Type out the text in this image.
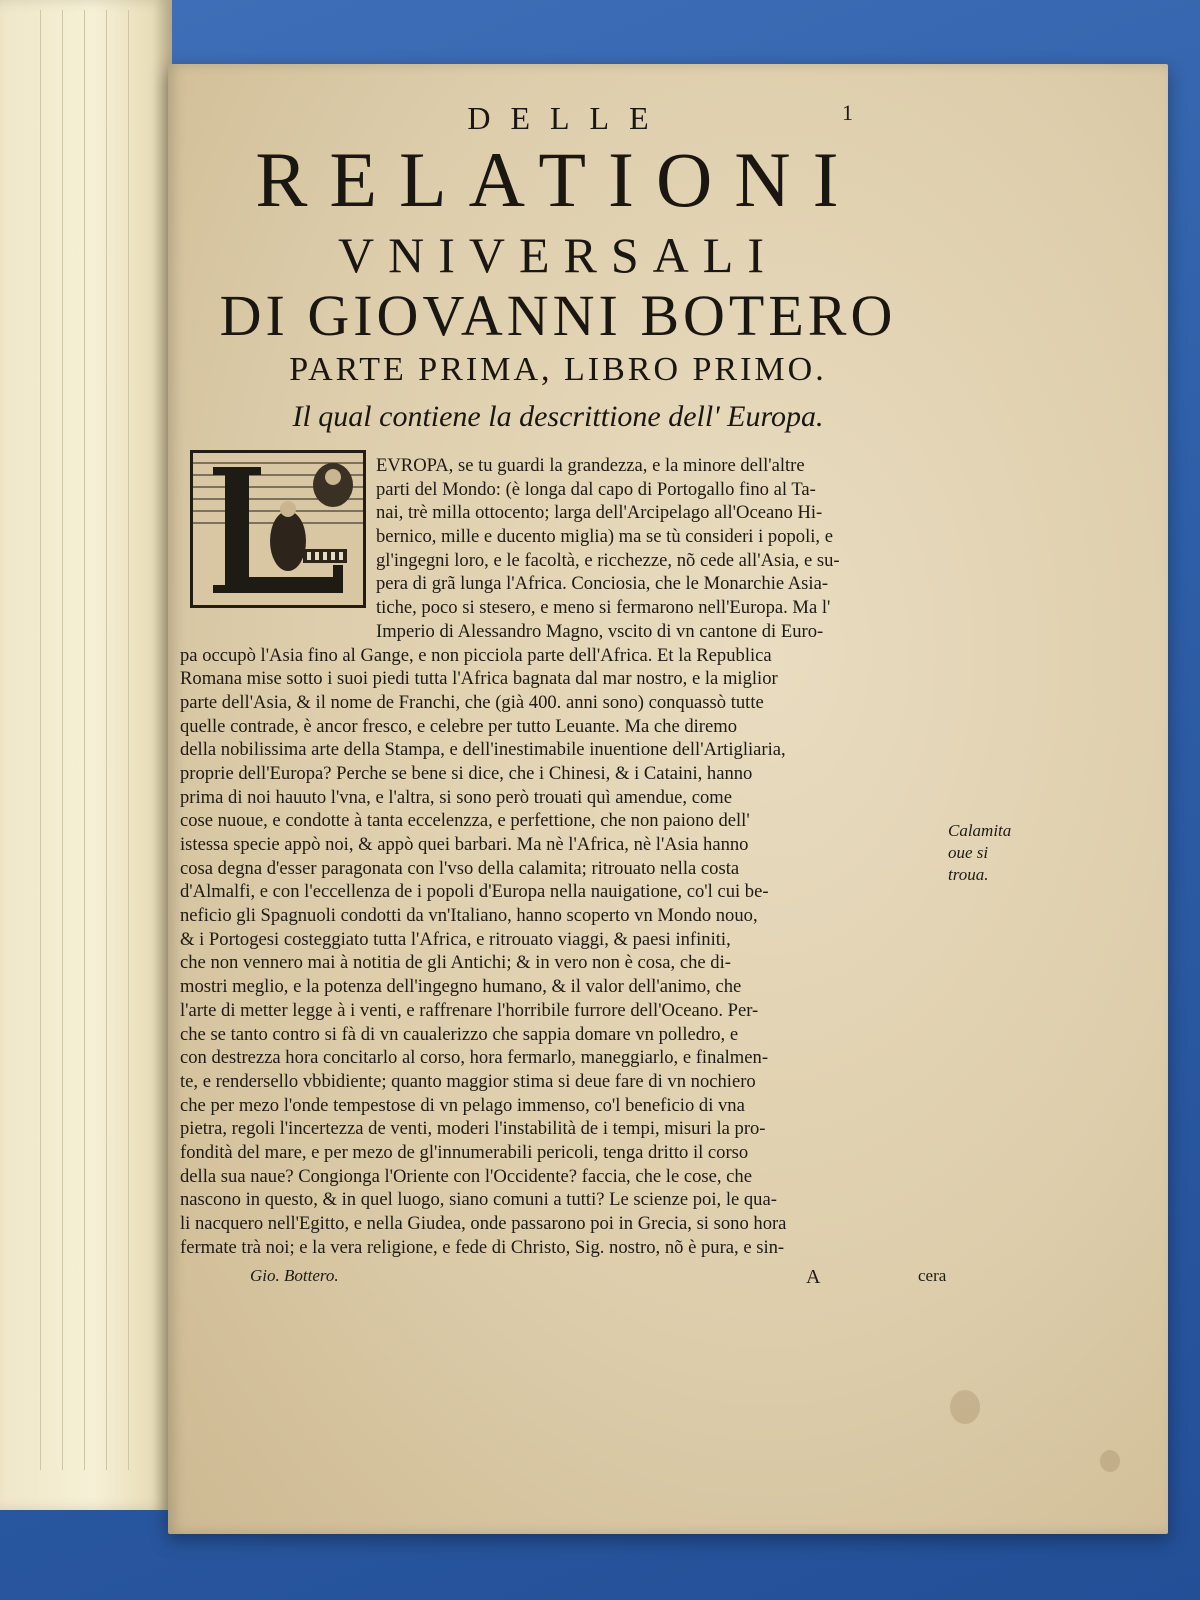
1
DELLE
RELATIONI
VNIVERSALI
DI GIOVANNI BOTERO
PARTE PRIMA, LIBRO PRIMO.
Il qual contiene la descrittione dell' Europa.
EVROPA, se tu guardi la grandezza, e la minore dell'altre
parti del Mondo: (è longa dal capo di Portogallo fino al Ta-
nai, trè milla ottocento; larga dell'Arcipelago all'Oceano Hi-
bernico, mille e ducento miglia) ma se tù consideri i popoli, e
gl'ingegni loro, e le facoltà, e ricchezze, nõ cede all'Asia, e su-
pera di grã lunga l'Africa. Conciosia, che le Monarchie Asia-
tiche, poco si stesero, e meno si fermarono nell'Europa. Ma l'
Imperio di Alessandro Magno, vscito di vn cantone di Euro-
pa occupò l'Asia fino al Gange, e non picciola parte dell'Africa. Et la Republica
Romana mise sotto i suoi piedi tutta l'Africa bagnata dal mar nostro, e la miglior
parte dell'Asia, & il nome de Franchi, che (già 400. anni sono) conquassò tutte
quelle contrade, è ancor fresco, e celebre per tutto Leuante. Ma che diremo
della nobilissima arte della Stampa, e dell'inestimabile inuentione dell'Artigliaria,
proprie dell'Europa? Perche se bene si dice, che i Chinesi, & i Cataini, hanno
prima di noi hauuto l'vna, e l'altra, si sono però trouati quì amendue, come
cose nuoue, e condotte à tanta eccelenzza, e perfettione, che non paiono dell'
istessa specie appò noi, & appò quei barbari. Ma nè l'Africa, nè l'Asia hanno
cosa degna d'esser paragonata con l'vso della calamita; ritrouato nella costa
d'Almalfi, e con l'eccellenza de i popoli d'Europa nella nauigatione, co'l cui be-
neficio gli Spagnuoli condotti da vn'Italiano, hanno scoperto vn Mondo nouo,
& i Portogesi costeggiato tutta l'Africa, e ritrouato viaggi, & paesi infiniti,
che non vennero mai à notitia de gli Antichi; & in vero non è cosa, che di-
mostri meglio, e la potenza dell'ingegno humano, & il valor dell'animo, che
l'arte di metter legge à i venti, e raffrenare l'horribile furrore dell'Oceano. Per-
che se tanto contro si fà di vn caualerizzo che sappia domare vn polledro, e
con destrezza hora concitarlo al corso, hora fermarlo, maneggiarlo, e finalmen-
te, e rendersello vbbidiente; quanto maggior stima si deue fare di vn nochiero
che per mezo l'onde tempestose di vn pelago immenso, co'l beneficio di vna
pietra, regoli l'incertezza de venti, moderi l'instabilità de i tempi, misuri la pro-
fondità del mare, e per mezo de gl'innumerabili pericoli, tenga dritto il corso
della sua naue? Congionga l'Oriente con l'Occidente? faccia, che le cose, che
nascono in questo, & in quel luogo, siano comuni a tutti? Le scienze poi, le qua-
li nacquero nell'Egitto, e nella Giudea, onde passarono poi in Grecia, si sono hora
fermate trà noi; e la vera religione, e fede di Christo, Sig. nostro, nõ è pura, e sin-
Calamita oue si troua.
Gio. Bottero.	A	cera
